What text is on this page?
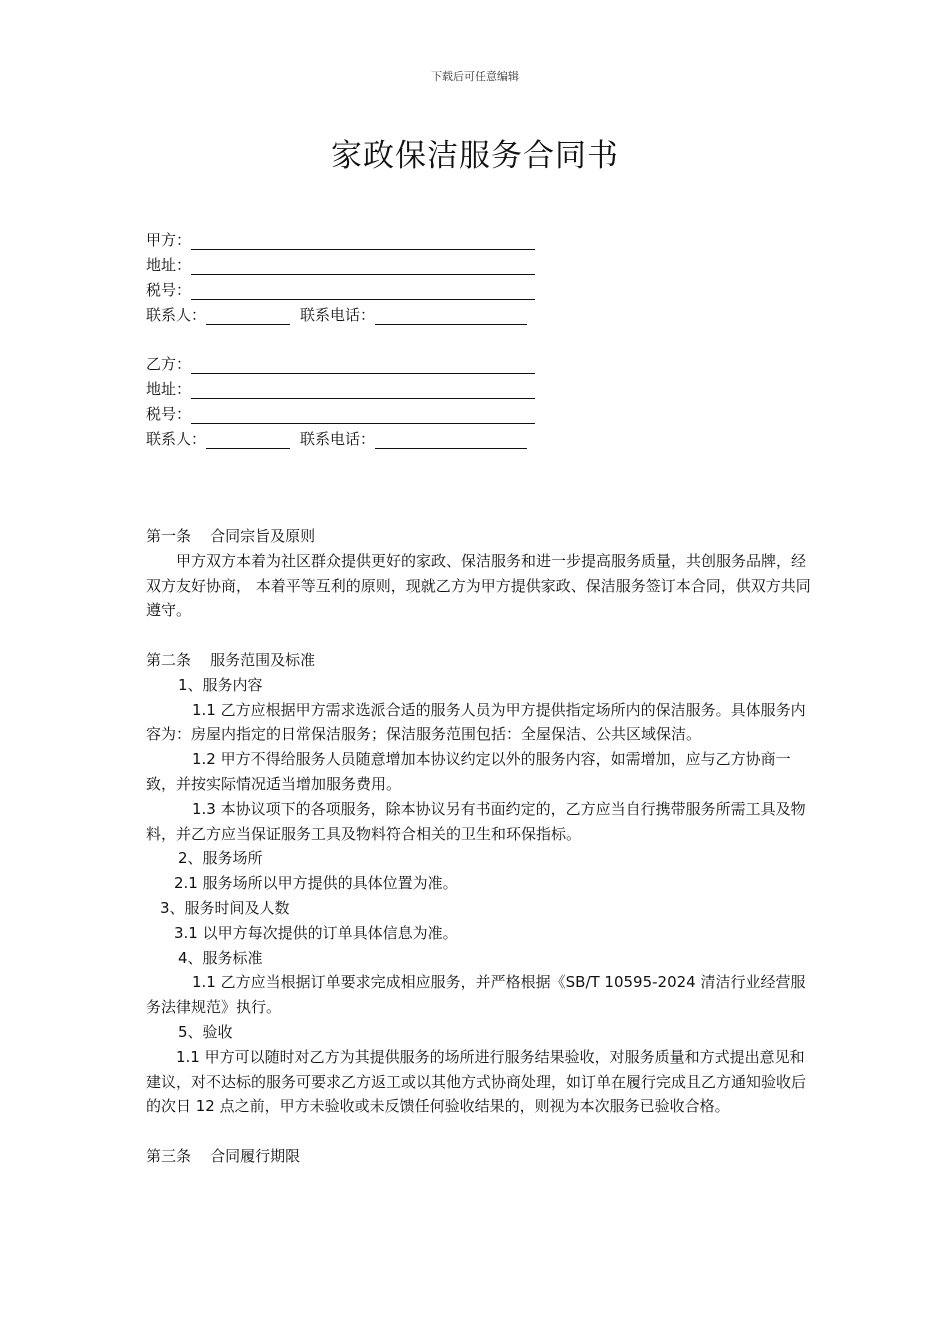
下载后可任意编辑
家政保洁服务合同书
甲方：
地址：
税号：
联系人：	联系电话：
乙方：
地址：
税号：
联系人：	联系电话：

第一条    合同宗旨及原则

甲方双方本着为社区群众提供更好的家政、保洁服务和进一步提高服务质量，共创服务品牌，经双方友好协商， 本着平等互利的原则，现就乙方为甲方提供家政、保洁服务签订本合同，供双方共同遵守。

第二条    服务范围及标准

1、服务内容

1.1 乙方应根据甲方需求选派合适的服务人员为甲方提供指定场所内的保洁服务。具体服务内容为：房屋内指定的日常保洁服务；保洁服务范围包括：全屋保洁、公共区域保洁。

1.2 甲方不得给服务人员随意增加本协议约定以外的服务内容，如需增加，应与乙方协商一致，并按实际情况适当增加服务费用。

1.3 本协议项下的各项服务，除本协议另有书面约定的，乙方应当自行携带服务所需工具及物料，并乙方应当保证服务工具及物料符合相关的卫生和环保指标。

2、服务场所

2.1 服务场所以甲方提供的具体位置为准。

3、服务时间及人数

3.1 以甲方每次提供的订单具体信息为准。

4、服务标准

1.1 乙方应当根据订单要求完成相应服务，并严格根据《SB/T 10595-2024 清洁行业经营服务法律规范》执行。

5、验收

1.1 甲方可以随时对乙方为其提供服务的场所进行服务结果验收，对服务质量和方式提出意见和建议，对不达标的服务可要求乙方返工或以其他方式协商处理，如订单在履行完成且乙方通知验收后的次日 12 点之前，甲方未验收或未反馈任何验收结果的，则视为本次服务已验收合格。

第三条    合同履行期限
